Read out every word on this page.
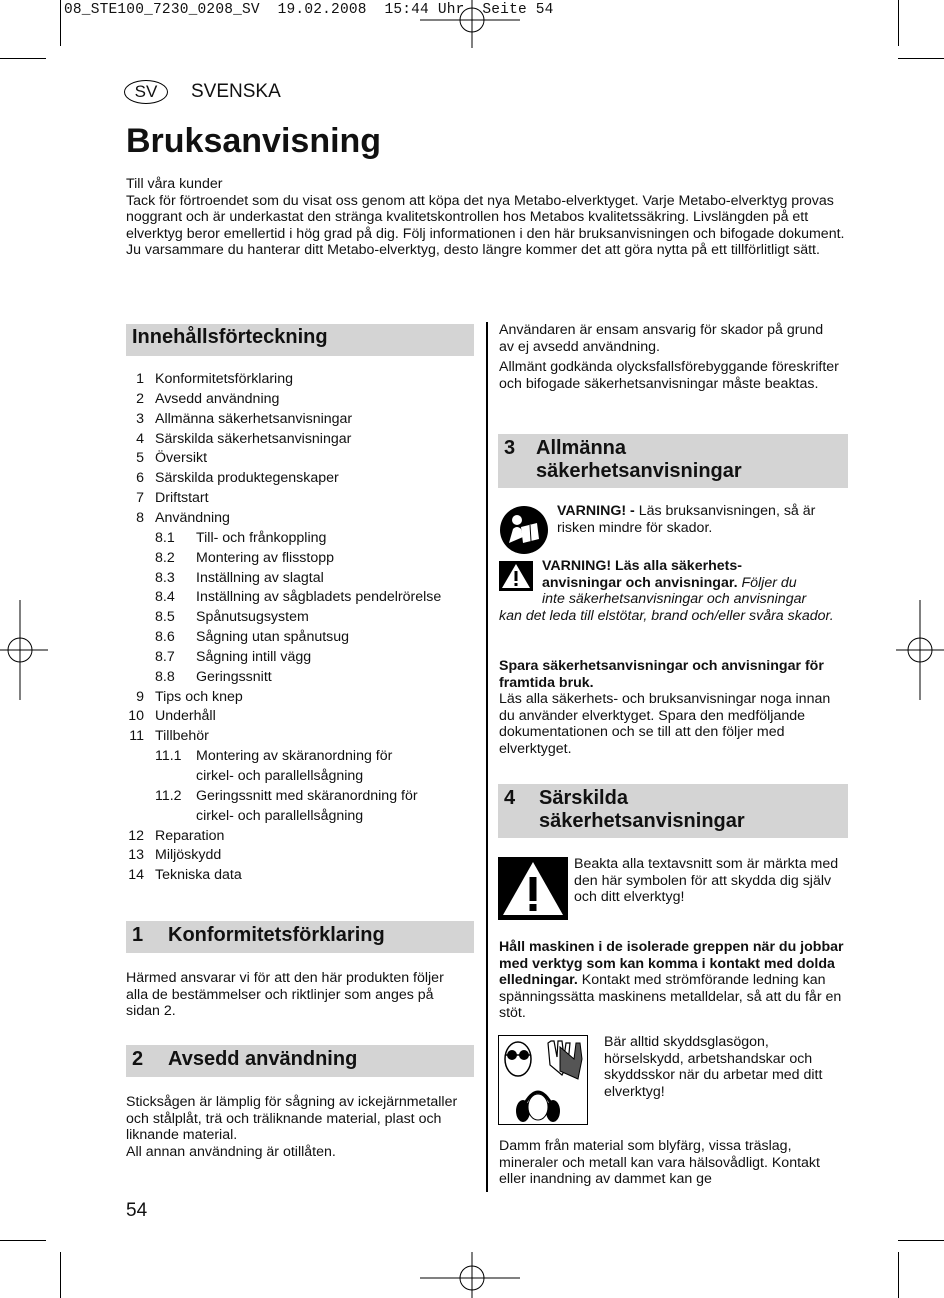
08_STE100_7230_0208_SV  19.02.2008  15:44 Uhr  Seite 54
SV	SVENSKA
Bruksanvisning

Till våra kunder

Tack för förtroendet som du visat oss genom att köpa det nya Metabo-elverktyget. Varje Metabo-elverktyg provas noggrant och är underkastat den stränga kvalitetskontrollen hos Metabos kvalitetssäkring. Livslängden på ett elverktyg beror emellertid i hög grad på dig. Följ informationen i den här bruksanvisningen och bifogade dokument. Ju varsammare du hanterar ditt Metabo-elverktyg, desto längre kommer det att göra nytta på ett tillförlitligt sätt.

Innehållsförteckning
1 Konformitetsförklaring
2 Avsedd användning
3 Allmänna säkerhetsanvisningar
4 Särskilda säkerhetsanvisningar
5 Översikt
6 Särskilda produktegenskaper
7 Driftstart
8 Användning
8.1 Till- och frånkoppling
8.2 Montering av flisstopp
8.3 Inställning av slagtal
8.4 Inställning av sågbladets pendelrörelse
8.5 Spånutsugsystem
8.6 Sågning utan spånutsug
8.7 Sågning intill vägg
8.8 Geringssnitt
9 Tips och knep
10 Underhåll
11 Tillbehör
11.1 Montering av skäranordning för
cirkel- och parallellsågning
11.2 Geringssnitt med skäranordning för
cirkel- och parallellsågning
12 Reparation
13 Miljöskydd
14 Tekniska data
1 Konformitetsförklaring

Härmed ansvarar vi för att den här produkten följer alla de bestämmelser och riktlinjer som anges på sidan 2.

2 Avsedd användning

Sticksågen är lämplig för sågning av ickejärnmetaller och stålplåt, trä och träliknande material, plast och liknande material.

All annan användning är otillåten.

Användaren är ensam ansvarig för skador på grund av ej avsedd användning.

Allmänt godkända olycksfallsförebyggande föreskrifter och bifogade säkerhetsanvisningar måste beaktas.

3 Allmänna
säkerhetsanvisningar
VARNING! - Läs bruksanvisningen, så är risken mindre för skador.
VARNING! Läs alla säkerhets-
anvisningar och anvisningar. Följer du
inte säkerhetsanvisningar och anvisningar
kan det leda till elstötar, brand och/eller svåra skador.

Spara säkerhetsanvisningar och anvisningar för framtida bruk.

Läs alla säkerhets- och bruksanvisningar noga innan du använder elverktyget. Spara den medföljande dokumentationen och se till att den följer med elverktyget.

4 Särskilda
säkerhetsanvisningar

Beakta alla textavsnitt som är märkta med den här symbolen för att skydda dig själv och ditt elverktyg!

Håll maskinen i de isolerade greppen när du jobbar med verktyg som kan komma i kontakt med dolda elledningar. Kontakt med strömförande ledning kan spänningssätta maskinens metalldelar, så att du får en stöt.

Bär alltid skyddsglasögon, hörselskydd, arbetshandskar och skyddsskor när du arbetar med ditt elverktyg!

Damm från material som blyfärg, vissa träslag, mineraler och metall kan vara hälsovådligt. Kontakt eller inandning av dammet kan ge

54
